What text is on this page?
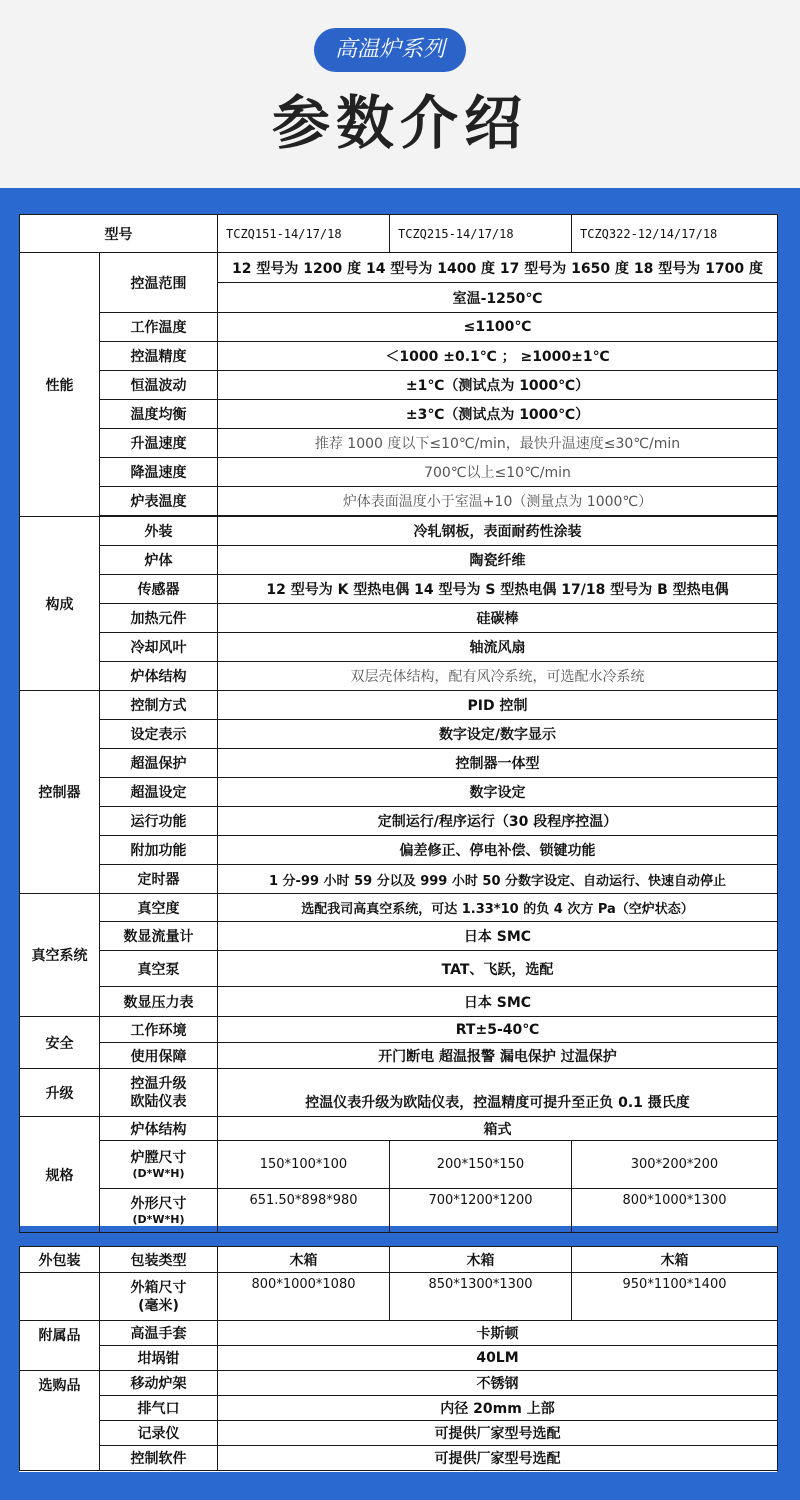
高温炉系列
参数介绍
型号		TCZQ151-14/17/18	TCZQ215-14/17/18	TCZQ322-12/14/17/18
性能	控温范围	12 型号为 1200 度 14 型号为 1400 度 17 型号为 1650 度 18 型号为 1700 度		
		室温-1250℃		
	工作温度	≤1100℃		
	控温精度	＜1000 ±0.1℃ ； ≥1000±1℃		
	恒温波动	±1℃（测试点为 1000℃）		
	温度均衡	±3℃（测试点为 1000℃）		
	升温速度	推荐 1000 度以下≤10℃/min，最快升温速度≤30℃/min		
	降温速度	700℃以上≤10℃/min		
	炉表温度	炉体表面温度小于室温+10（测量点为 1000℃）		

构成	外装	冷轧钢板，表面耐药性涂装		
	炉体	陶瓷纤维		
	传感器	12 型号为 K 型热电偶 14 型号为 S 型热电偶 17/18 型号为 B 型热电偶		
	加热元件	硅碳棒		
	冷却风叶	轴流风扇		
	炉体结构	双层壳体结构，配有风冷系统，可选配水冷系统		
控制器	控制方式	PID 控制		
	设定表示	数字设定/数字显示		
	超温保护	控制器一体型		
	超温设定	数字设定		
	运行功能	定制运行/程序运行（30 段程序控温）		
	附加功能	偏差修正、停电补偿、锁键功能		
	定时器	1 分-99 小时 59 分以及 999 小时 50 分数字设定、自动运行、快速自动停止		
真空系统	真空度	选配我司高真空系统，可达 1.33*10 的负 4 次方 Pa（空炉状态）		
	数显流量计	日本 SMC		
	真空泵	TAT、飞跃，选配		
	数显压力表	日本 SMC		
安全	工作环境	RT±5-40℃		
	使用保障	开门断电 超温报警 漏电保护 过温保护		
升级	控温升级
欧陆仪表	控温仪表升级为欧陆仪表，控温精度可提升至正负 0.1 摄氏度		
规格	炉体结构	箱式		

	炉膛尺寸
(D*W*H)	150*100*100	200*150*150	300*200*200

	外形尺寸
(D*W*H)	651.50*898*980	700*1200*1200	800*1000*1300
外包装	包装类型	木箱	木箱	木箱

	外箱尺寸
(毫米)	800*1000*1080	850*1300*1300	950*1100*1400
附属品	高温手套	卡斯顿		
	坩埚钳	40LM		
选购品	移动炉架	不锈钢		
	排气口	内径 20mm 上部		
	记录仪	可提供厂家型号选配		
	控制软件	可提供厂家型号选配		
